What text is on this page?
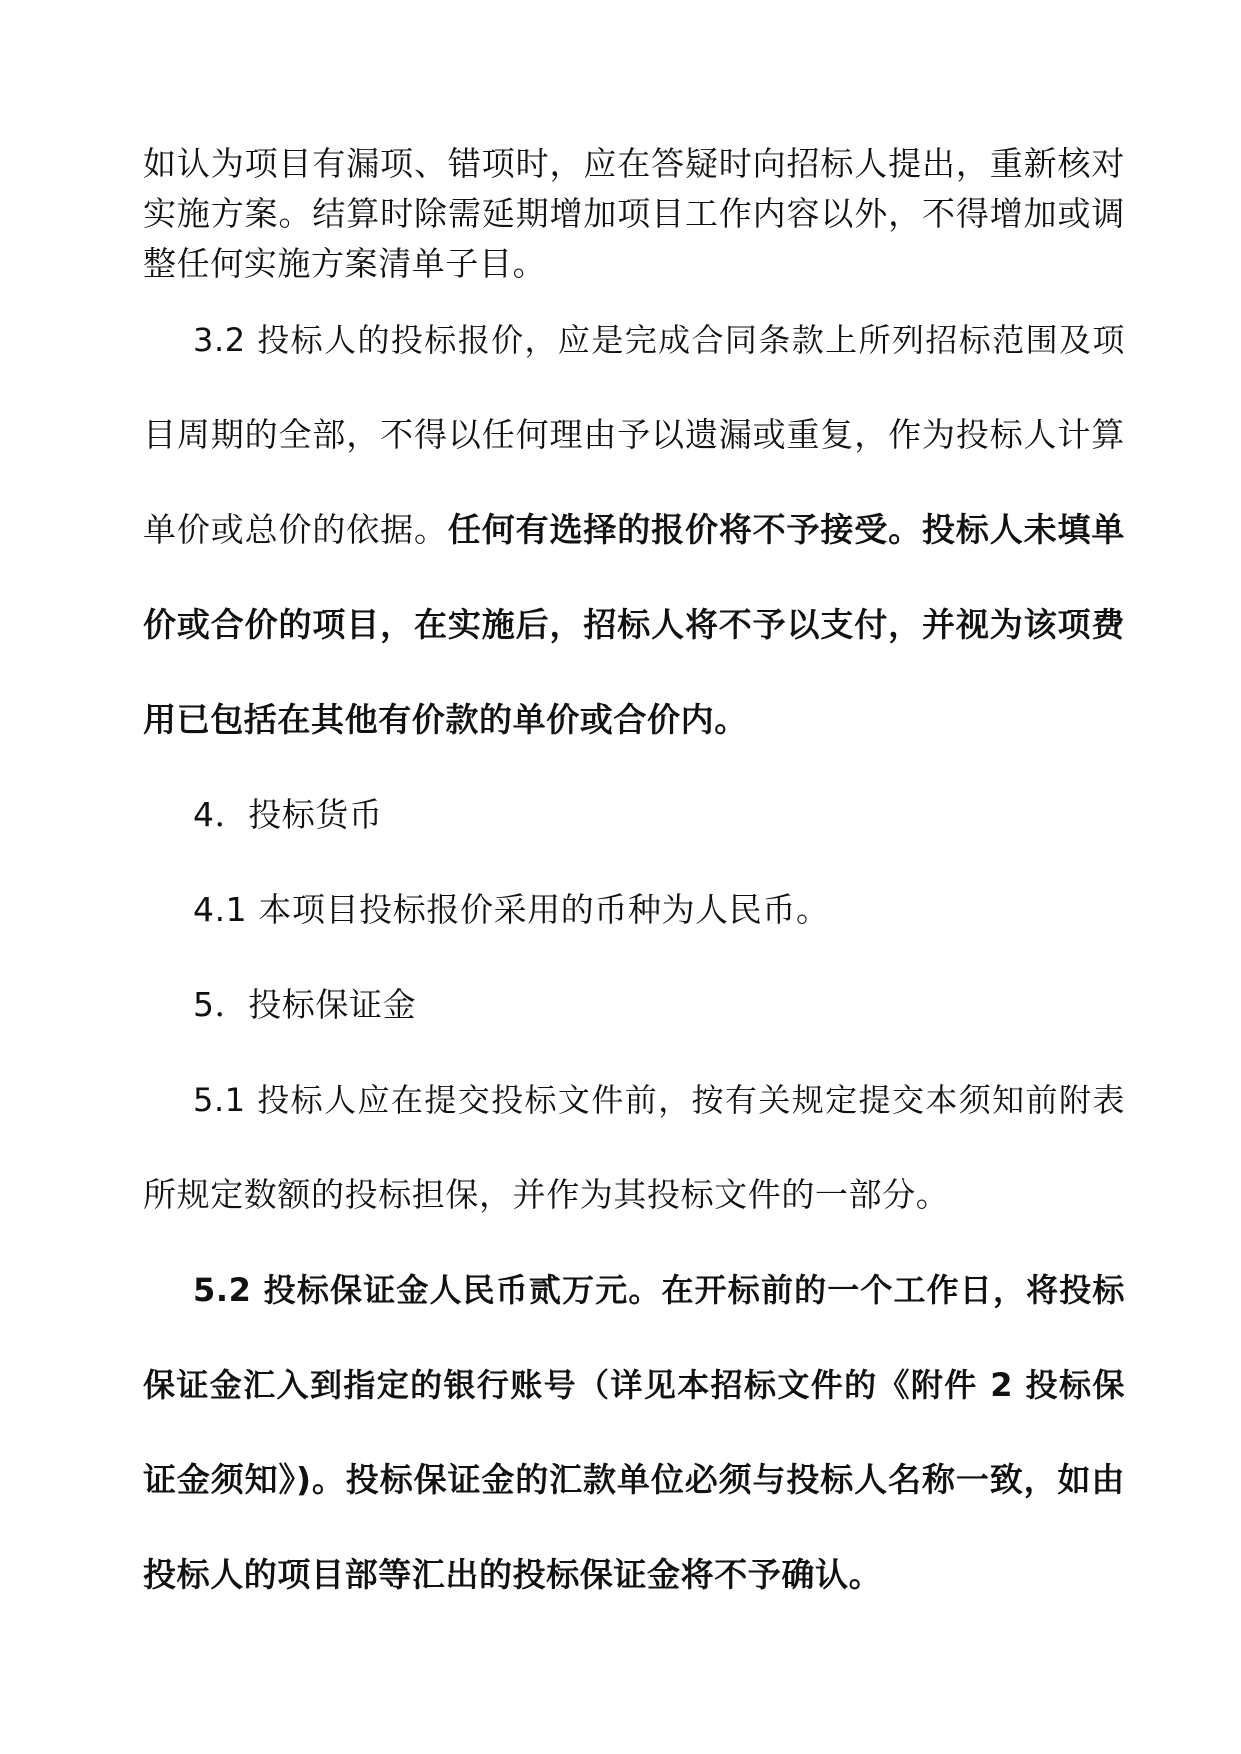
如认为项目有漏项、错项时，应在答疑时向招标人提出，重新核对

实施方案。结算时除需延期增加项目工作内容以外，不得增加或调

整任何实施方案清单子目。

3.2 投标人的投标报价，应是完成合同条款上所列招标范围及项

目周期的全部，不得以任何理由予以遗漏或重复，作为投标人计算

单价或总价的依据。任何有选择的报价将不予接受。投标人未填单

价或合价的项目，在实施后，招标人将不予以支付，并视为该项费

用已包括在其他有价款的单价或合价内。

4．投标货币

4.1 本项目投标报价采用的币种为人民币。

5．投标保证金

5.1 投标人应在提交投标文件前，按有关规定提交本须知前附表

所规定数额的投标担保，并作为其投标文件的一部分。

5.2 投标保证金人民币贰万元。在开标前的一个工作日，将投标

保证金汇入到指定的银行账号（详见本招标文件的《附件 2 投标保

证金须知》)。投标保证金的汇款单位必须与投标人名称一致，如由

投标人的项目部等汇出的投标保证金将不予确认。
